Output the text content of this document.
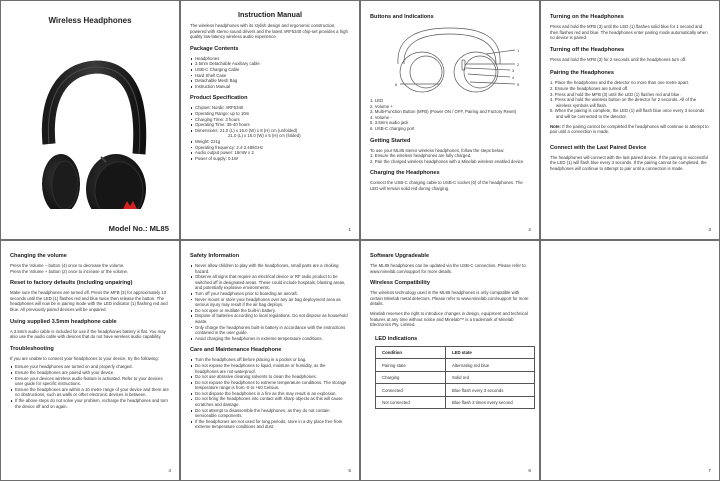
Wireless Headphones
Model No.: ML85
Instruction Manual
The wireless headphones with its stylish design and ergonomic construction, powered with stereo sound drivers and the latest nRF5340 chip-set provides a high quality low-latency wireless audio experience.
Package Contents
Headphones
3.5mm Detachable Auxiliary cable
USB-C Charging Cable
Hard Shell Case
Detachable Mesh Bag
Instruction Manual
Product Specification
Chipset: Nordic nRF5340
Operating Range: up to 10m
Charging Time: 3 hours
Operating Time: 35-40 hours
Dimensions: 21.0 (L) x 16.0 (W) x 8 (H) cm (unfolded)
21.0 (L) x 16.0 (W) x 5 (H) cm (folded)
Weight: 221g
Operating frequency: 2.4-2.485GHz
Audio output power: 15mW x 2
Power of supply: 0.1W
1
Buttons and Indications
1
2
3
4
5
6
1. LED
2. Volume +
3. Multi-Function Button (MFB) (Power ON / OFF, Pairing and Factory Reset)
4. Volume -
5. 3.5mm audio jack
6. USB-C charging port
Getting Started
To use your ML85 stereo wireless headphones, follow the steps below:
1. Ensure the wireless headphones are fully charged.
2. Pair the charged wireless headphones with a Minelab wireless enabled device
Charging the Headphones
Connect the USB-C charging cable to USB-C socket (6) of the headphones. The LED will remain solid red during charging.
2
Turning on the Headphones
Press and hold the MFB (3) until the LED (1) flashes solid blue for 1 second and then flashes red and blue. The headphones enter pairing mode automatically when no device is paired.
Turning off the Headphones
Press and hold the MFB (3) for 2 seconds until the headphones turn off.
Pairing the Headphones
1. Place the headphones and the detector no more than one metre apart.
2. Ensure the headphones are turned off.
3. Press and hold the MFB (3) until the LED (1) flashes red and blue.
4. Press and hold the wireless button on the detector for 2 seconds. All of the wireless symbols will flash.
5. When the pairing is complete, the LED (1) will flash blue once every 3 seconds and will be connected to the detector.
Note: If the pairing cannot be completed the headphones will continue to attempt to pair until a connection is made.
Connect with the Last Paired Device
The headphones will connect with the last paired device. If the pairing is successful the LED (1) will flash blue every 3 seconds. If the pairing cannot be completed, the headphones will continue to attempt to pair until a connection is made.
3
Changing the volume
Press the Volume – button (4) once to decrease the volume.
Press the Volume + button (2) once to increase or the volume.
Reset to factory defaults (including unpairing)
Make sure the headphones are turned off. Press the MFB (3) for approximately 10 seconds until the LED (1) flashes red and blue twice then release the button. The headphones will now be in pairing mode with the LED indicator (1) flashing red and blue. All previously paired devices will be unpaired.
Using supplied 3.5mm headphone cable
A 3.5mm audio cable is included for use if the headphones battery is flat. You may also use the audio cable with devices that do not have wireless audio capability.
Troubleshooting
If you are unable to connect your headphones to your device, try the following:
Ensure your headphones are turned on and properly charged.
Ensure the headphones are paired with your device.
Ensure your devices wireless audio feature is activated. Refer to your devices user guide for specific instructions.
Ensure the headphones are within a 10 metre range of your device and there are no obstructions, such as walls or other electronic devices in between.
If the above steps do not solve your problem, recharge the headphones and turn the device off and on again.
4
Safety Information
Never allow children to play with the headphones, small parts are a choking hazard.
Observe all signs that require an electrical device or RF radio product to be switched off in designated areas. These could include hospitals, blasting areas, and potentially explosive environments.
Turn off your headphones prior to boarding an aircraft.
Never mount or store your headphones over any air bag deployment area as serious injury may result if the air bag deploys.
Do not open or mutilate the built-in battery.
Dispose of batteries according to local regulations. Do not dispose as household waste.
Only charge the headphones built-in battery in accordance with the instructions contained in the user guide.
Avoid charging the headphones in extreme temperature conditions.
Care and Maintenance Headphone
Turn the headphones off before placing in a pocket or bag.
Do not expose the headphones to liquid, moisture or humidity, as the headphones are not waterproof.
Do not use abrasive cleaning solvents to clean the headphones.
Do not expose the headphones to extreme temperature conditions. The storage temperature range is from -0 to +60 Celsius.
Do not dispose the headphones in a fire as this may result in an explosion.
Do not bring the headphones into contact with sharp objects as this will cause scratches and damage.
Do not attempt to disassemble the headphones, as they do not contain serviceable components.
If the headphones are not used for long periods, store in a dry place free from extreme temperature conditions and dust.
5
Software Upgradeable
The ML85 headphones can be updated via the USB-C connection. Please refer to www.minelab.com/support for more details.
Wireless Compatibility
The wireless technology used in the ML85 headphones is only compatible with certain Minelab metal detectors. Please refer to www.minelab.com/support for more details.
Minelab reserves the right to introduce changes in design, equipment and technical features at any time without notice and Minelab™ is a trademark of Minelab Electronics Pty. Limited.
LED indications
Condition	LED state
Pairing state	Alternating red blue
Charging	Solid red
Connected	Blue flash every 3 seconds
Not connected	Blue flash 3 times every second
6	7
